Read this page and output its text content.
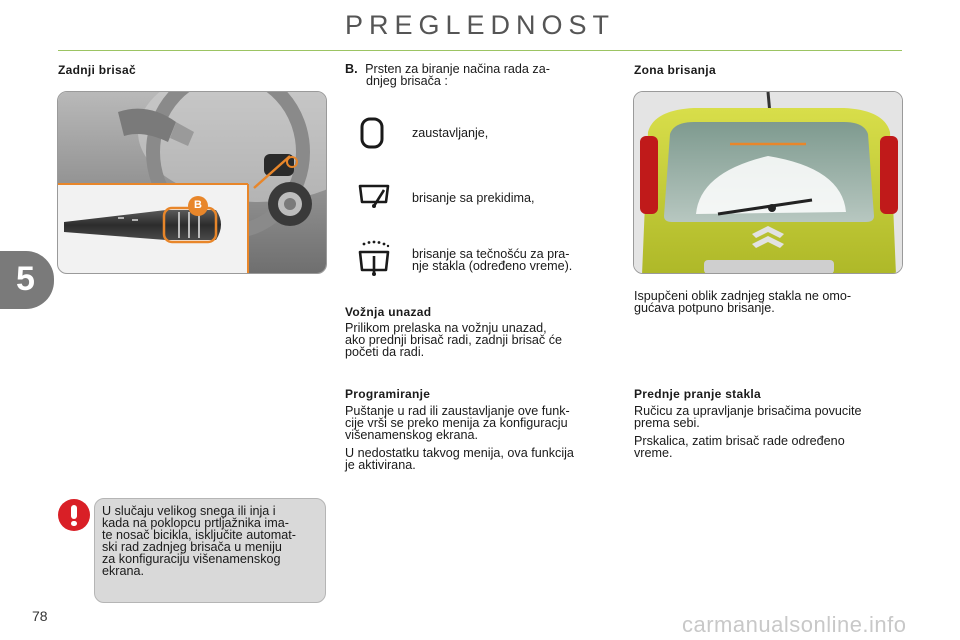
PREGLEDNOST
5
Zadnji brisač
B
B. Prsten za biranje načina rada za-
dnjeg brisača :
zaustavljanje,
brisanje sa prekidima,
brisanje sa tečnošću za pra-
nje stakla (određeno vreme).
Vožnja unazad
Prilikom prelaska na vožnju unazad,
ako prednji brisač radi, zadnji brisač će
početi da radi.
Programiranje
Puštanje u rad ili zaustavljanje ove funk-
cije vrši se preko menija za konfiguracju
višenamenskog ekrana.
U nedostatku takvog menija, ova funkcija
je aktivirana.
Zona brisanja
Ispupčeni oblik zadnjeg stakla ne omo-
gućava potpuno brisanje.
Prednje pranje stakla
Ručicu za upravljanje brisačima povucite
prema sebi.
Prskalica, zatim brisač rade određeno
vreme.
U slučaju velikog snega ili inja i
kada na poklopcu prtljažnika ima-
te nosač bicikla, isključite automat-
ski rad zadnjeg brisača u meniju
za konfiguraciju višenamenskog
ekrana.
78	carmanualsonline.info
